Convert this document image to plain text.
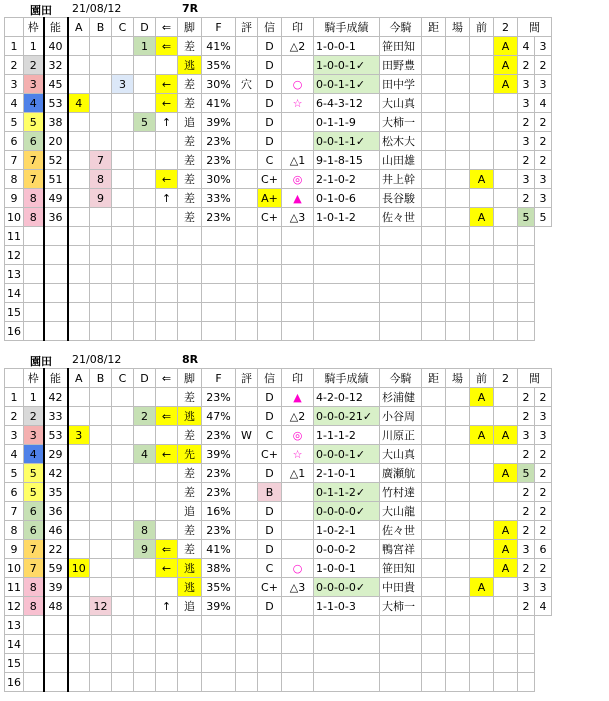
園田 21/08/12	7R
	枠	能	A	B	C	D	⇐	脚	F	評	信	印	騎手成績	今騎	距	場	前	2	間	
1	1	40				1	⇐	差	41%		D	△2	1-0-0-1	笹田知				A	4	3
2	2	32						逃	35%		D		1-0-0-1✓	田野豊				A	2	2
3	3	45			3		←	差	30%	穴	D	○	0-0-1-1✓	田中学				A	3	3
4	4	53	4				←	差	41%		D	☆	6-4-3-12	大山真					3	4
5	5	38				5	↑	追	39%		D		0-1-1-9	大柿一					2	2
6	6	20						差	23%		D		0-0-1-1✓	松木大					3	2
7	7	52		7				差	23%		C	△1	9-1-8-15	山田雄					2	2
8	7	51		8			←	差	30%		C+	◎	2-1-0-2	井上幹			A		3	3
9	8	49		9			↑	差	33%		A+	▲	0-1-0-6	長谷駿					2	3
10	8	36						差	23%		C+	△3	1-0-1-2	佐々世			A		5	5
11																				
12																				
13																				
14																				
15																				
16																				
園田 21/08/12	8R
	枠	能	A	B	C	D	⇐	脚	F	評	信	印	騎手成績	今騎	距	場	前	2	間	
1	1	42						差	23%		D	▲	4-2-0-12	杉浦健			A		2	2
2	2	33				2	⇐	逃	47%		D	△2	0-0-0-21✓	小谷周					2	3
3	3	53	3					差	23%	W	C	◎	1-1-1-2	川原正			A	A	3	3
4	4	29				4	←	先	39%		C+	☆	0-0-0-1✓	大山真					2	2
5	5	42						差	23%		D	△1	2-1-0-1	廣瀬航				A	5	2
6	5	35						差	23%		B		0-1-1-2✓	竹村達					2	2
7	6	36						追	16%		D		0-0-0-0✓	大山龍					2	2
8	6	46				8		差	23%		D		1-0-2-1	佐々世				A	2	2
9	7	22				9	⇐	差	41%		D		0-0-0-2	鴨宮祥				A	3	6
10	7	59	10				←	逃	38%		C	○	1-0-0-1	笹田知				A	2	2
11	8	39						逃	35%		C+	△3	0-0-0-0✓	中田貴			A		3	3
12	8	48		12			↑	追	39%		D		1-1-0-3	大柿一					2	4
13																				
14																				
15																				
16																				
